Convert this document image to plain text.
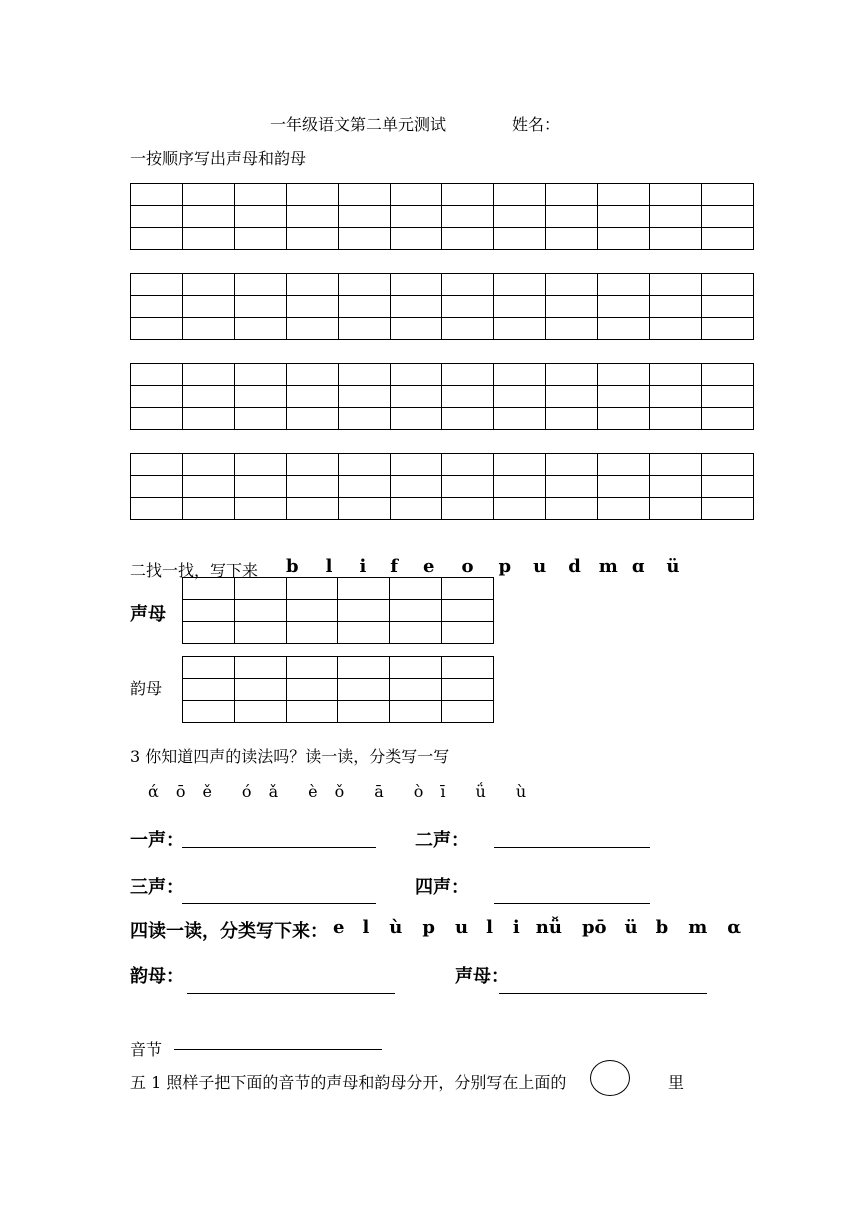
一年级语文第二单元测试	姓名：
一按顺序写出声母和韵母

二找一找，写下来 b l i f e o p u d m ɑ ü
声母

韵母

3 你知道四声的读法吗？读一读，分类写一写
ά ō ě ó ǎ è ǒ ā ò ī ǘ ù
一声：	二声：
三声：	四声：
四读一读，分类写下来： e l ù p u l i nǚ pō ü b m α
韵母：	声母：
音节
五 1 照样子把下面的音节的声母和韵母分开，分别写在上面的	里
